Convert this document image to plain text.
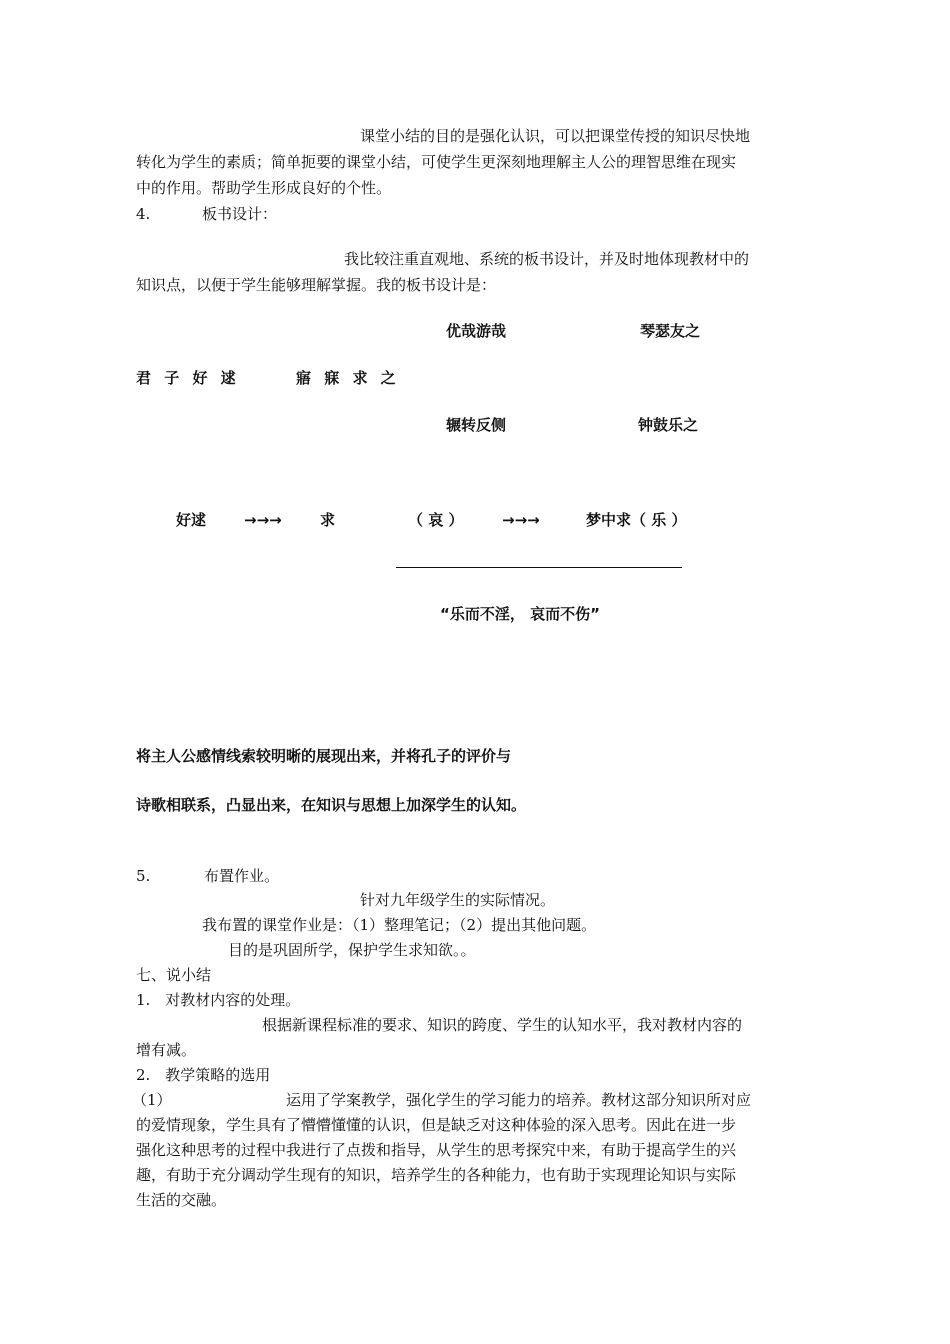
课堂小结的目的是强化认识，可以把课堂传授的知识尽快地
转化为学生的素质；简单扼要的课堂小结，可使学生更深刻地理解主人公的理智思维在现实
中的作用。帮助学生形成良好的个性。
4.	板书设计：
我比较注重直观地、系统的板书设计，并及时地体现教材中的
知识点，以便于学生能够理解掌握。我的板书设计是：
优哉游哉	琴瑟友之
君 子 好 逑	寤 寐 求 之
辗转反侧	钟鼓乐之
好逑	→→→	求	（ 哀 ）	→→→	梦中求（ 乐 ）
“乐而不淫， 哀而不伤”
将主人公感情线索较明晰的展现出来，并将孔子的评价与
诗歌相联系，凸显出来，在知识与思想上加深学生的认知。
5.	布置作业。
针对九年级学生的实际情况。
我布置的课堂作业是：（1）整理笔记；（2）提出其他问题。
目的是巩固所学，保护学生求知欲。。
七、说小结
1.　对教材内容的处理。
根据新课程标准的要求、知识的跨度、学生的认知水平，我对教材内容的
增有减。
2.　教学策略的选用
（1）	运用了学案教学，强化学生的学习能力的培养。教材这部分知识所对应
的爱情现象，学生具有了懵懵懂懂的认识，但是缺乏对这种体验的深入思考。因此在进一步
强化这种思考的过程中我进行了点拨和指导，从学生的思考探究中来，有助于提高学生的兴
趣，有助于充分调动学生现有的知识，培养学生的各种能力，也有助于实现理论知识与实际
生活的交融。
